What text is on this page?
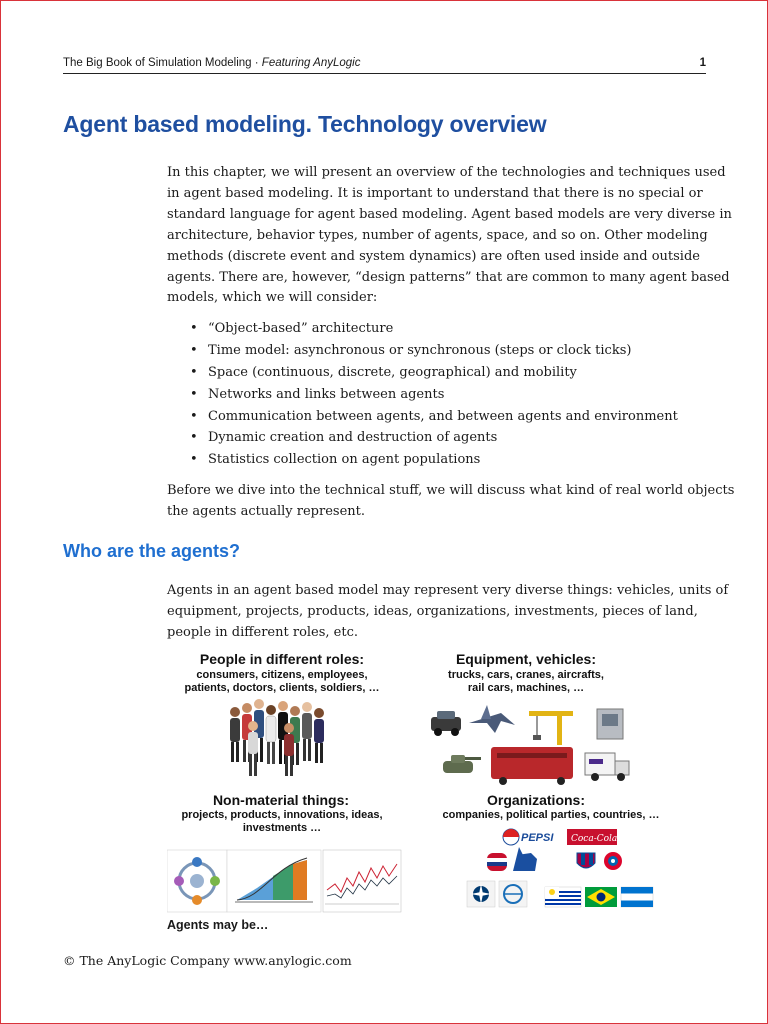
The Big Book of Simulation Modeling · Featuring AnyLogic	1
Agent based modeling. Technology overview

In this chapter, we will present an overview of the technologies and techniques used
in agent based modeling. It is important to understand that there is no special or
standard language for agent based modeling. Agent based models are very diverse in
architecture, behavior types, number of agents, space, and so on. Other modeling
methods (discrete event and system dynamics) are often used inside and outside
agents. There are, however, “design patterns” that are common to many agent based
models, which we will consider:

• “Object-based” architecture
• Time model: asynchronous or synchronous (steps or clock ticks)
• Space (continuous, discrete, geographical) and mobility
• Networks and links between agents
• Communication between agents, and between agents and environment
• Dynamic creation and destruction of agents
• Statistics collection on agent populations

Before we dive into the technical stuff, we will discuss what kind of real world objects
the agents actually represent.

Who are the agents?

Agents in an agent based model may represent very diverse things: vehicles, units of
equipment, projects, products, ideas, organizations, investments, pieces of land,
people in different roles, etc.

People in different roles:
consumers, citizens, employees,
patients, doctors, clients, soldiers, …
Equipment, vehicles:
trucks, cars, cranes, aircrafts,
rail cars, machines, …
Non-material things:
projects, products, innovations, ideas,
investments …
Organizations:
companies, political parties, countries, …
PEPSI Coca-Cola
Agents may be…
© The AnyLogic Company www.anylogic.com
